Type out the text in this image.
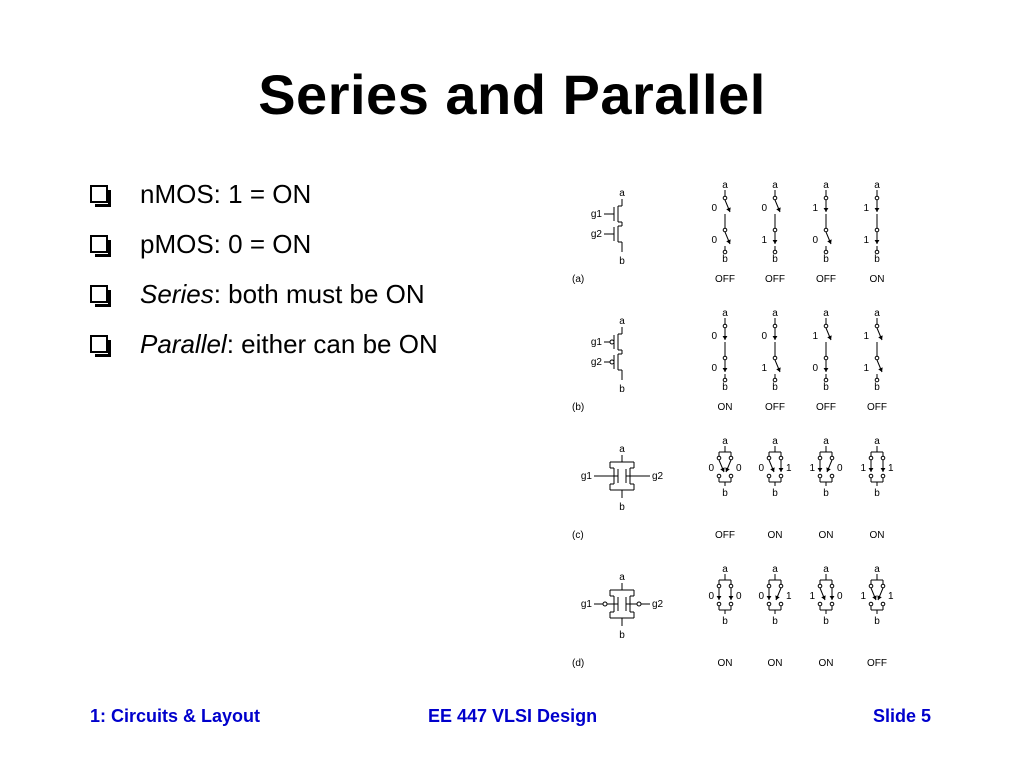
Series and Parallel
nMOS: 1 = ON
pMOS: 0 = ON
Series: both must be ON
Parallel: either can be ON
(a)
a
g1
g2
b
a
0
0
b
OFF
a
0
1
b
OFF
a
1
0
b
OFF
a
1
1
b
ON
(b)
a
g1
g2
b
a
0
0
b
ON
a
0
1
b
OFF
a
1
0
b
OFF
a
1
1
b
OFF
(c)
a
g1	g2
b
a
0 0
b
OFF
a
0 1
b
ON
a
1 0
b
ON
a
1 1
b
ON
(d)
a
g1	g2
b
a
0 0
b
ON
a
0 1
b
ON
a
1 0
b
ON
a
1 1
b
OFF
1: Circuits & Layout	EE 447 VLSI Design	Slide 5
